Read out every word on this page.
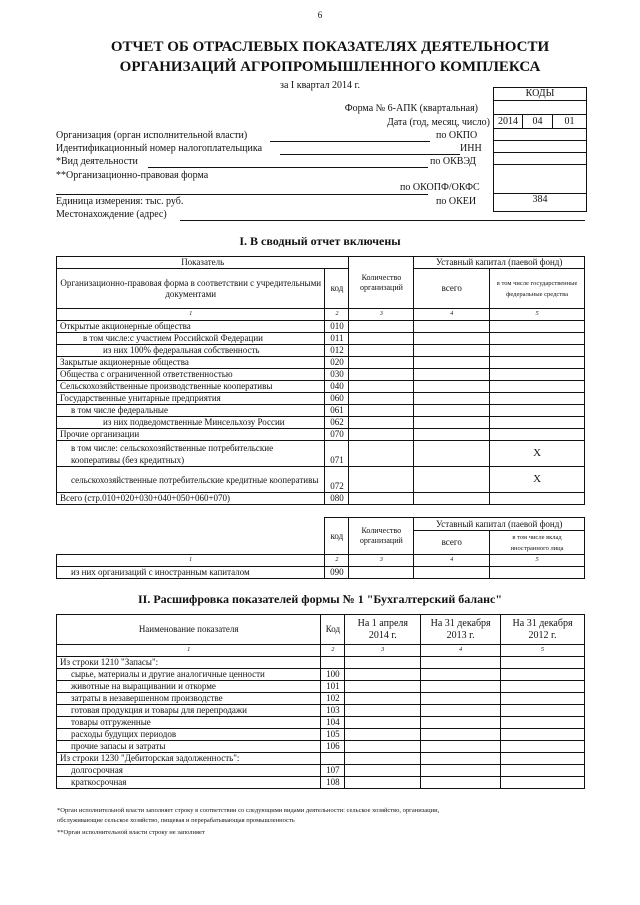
6
ОТЧЕТ ОБ ОТРАСЛЕВЫХ ПОКАЗАТЕЛЯХ ДЕЯТЕЛЬНОСТИ
ОРГАНИЗАЦИЙ АГРОПРОМЫШЛЕННОГО КОМПЛЕКСА
за I квартал 2014 г.
КОДЫ
2014	04	01
384
Форма № 6-АПК (квартальная)
Дата (год, месяц, число)
Организация (орган исполнительной власти)	по ОКПО
Идентификационный номер налогоплательщика	ИНН
*Вид деятельности	по ОКВЭД
**Организационно-правовая форма
по ОКОПФ/ОКФС
Единица измерения: тыс. руб.	по ОКЕИ
Местонахождение (адрес)
I. В сводный отчет включены
Показатель		Количество организаций	Уставный капитал (паевой фонд)	
Организационно-правовая форма в соответствии с учредительными документами	код		всего	в том числе государственные федеральные средства
1	2	3	4	5
Открытые акционерные общества	010			
в том числе:с участием Российской Федерации	011			
из них 100% федеральная собственность	012			
Закрытые акционерные общества	020			
Общества с ограниченной ответственностью	030			
Сельскохозяйственные производственные кооперативы	040			
Государственные унитарные предприятия	060			
в том числе федеральные	061			
из них подведомственные Минсельхозу России	062			
Прочие организации	070			
в том числе: сельскохозяйственные потребительские кооперативы (без кредитных)	071			Х
сельскохозяйственные потребительские кредитные кооперативы	072			Х
Всего (стр.010+020+030+040+050+060+070)	080			
	код	Количество организаций	Уставный капитал (паевой фонд)	
			всего	в том числе вклад иностранного лица
1	2	3	4	5
из них организаций с иностранным капиталом	090			
II. Расшифровка показателей формы № 1 "Бухгалтерский баланс"
Наименование показателя	Код	На 1 апреля 2014 г.	На 31 декабря 2013 г.	На 31 декабря 2012 г.
1	2	3	4	5
Из строки 1210 "Запасы":				
сырье, материалы и другие аналогичные ценности	100			
животные на выращивании и откорме	101			
затраты в незавершенном производстве	102			
готовая продукция и товары для перепродажи	103			
товары отгруженные	104			
расходы будущих периодов	105			
прочие запасы и затраты	106			
Из строки 1230 "Дебиторская задолженность":				
долгосрочная	107			
краткосрочная	108			
*Орган исполнительной власти заполняет строку в соответствии со следующими видами деятельности: сельское хозяйство, организации,
обслуживающие сельское хозяйство, пищевая и перерабатывающая промышленность
**Орган исполнительной власти строку не заполняет
